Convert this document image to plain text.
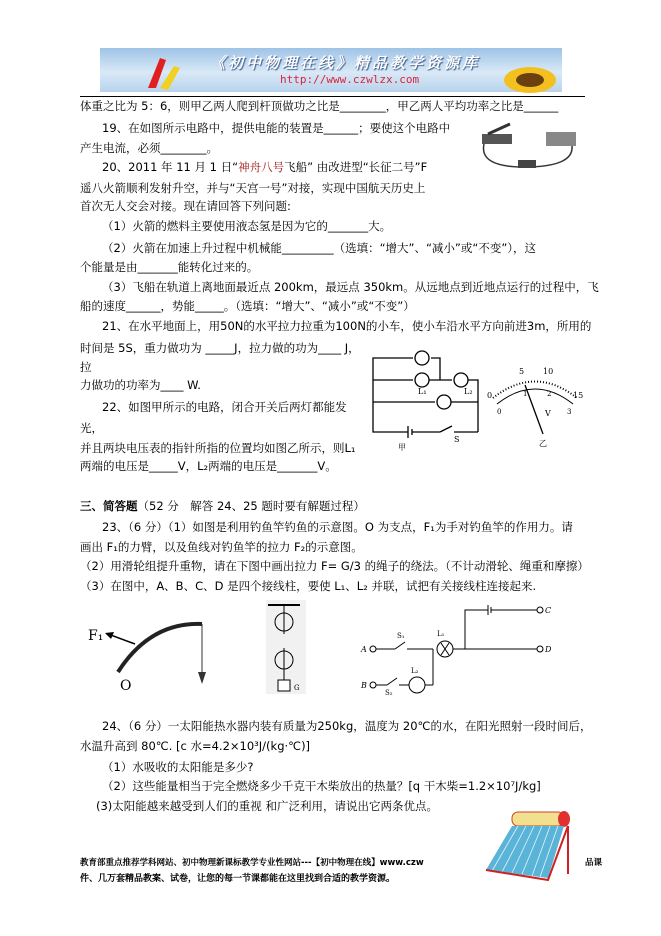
《初中物理在线》精品教学资源库
http://www.czwlzx.com
体重之比为 5：6，则甲乙两人爬到杆顶做功之比是________，甲乙两人平均功率之比是______
19、在如图所示电路中，提供电能的装置是______；要使这个电路中
产生电流，必须________。
20、2011 年 11 月 1 日“神舟八号飞船” 由改进型“长征二号”F
遥八火箭顺利发射升空，并与“天宫一号”对接，实现中国航天历史上
首次无人交会对接。现在请回答下列问题:
（1）火箭的燃料主要使用液态氢是因为它的_______大。
（2）火箭在加速上升过程中机械能_________（选填：“增大”、“减小”或“不变”），这
个能量是由_______能转化过来的。
（3）飞船在轨道上离地面最近点 200km，最远点 350km。从远地点到近地点运行的过程中，飞
船的速度______，势能_____。（选填：“增大”、“减小”或“不变”）
21、在水平地面上，用50N的水平拉力拉重为100N的小车，使小车沿水平方向前进3m，所用的
时间是 5S，重力做功为 _____J，拉力做的功为____ J，
拉
力做功的功率为____ W.
22、如图甲所示的电路，闭合开关后两灯都能发
光，
并且两块电压表的指针所指的位置均如图乙所示，则L₁
两端的电压是_____V，L₂两端的电压是_______V。
L₁	L₂
S
甲
0
5 10
15
0
1	2
3
V
乙
三、简答题（52 分　解答 24、25 题时要有解题过程）
23、（6 分）（1）如图是利用钓鱼竿钓鱼的示意图。O 为支点，F₁为手对钓鱼竿的作用力。请
画出 F₁的力臂，以及鱼线对钓鱼竿的拉力 F₂的示意图。
（2）用滑轮组提升重物，请在下图中画出拉力 F= G/3 的绳子的绕法。（不计动滑轮、绳重和摩擦）
（3）在图中，A、B、C、D 是四个接线柱，要使 L₁、L₂ 并联，试把有关接线柱连接起来.
F₁
O	G
A
B
C
D
S₁
S₂
L₁
L₂
24、（6 分）一太阳能热水器内装有质量为250kg，温度为 20℃的水，在阳光照射一段时间后，
水温升高到 80℃. [c 水=4.2×10³J/(kg·℃)]
（1）水吸收的太阳能是多少?
（2）这些能量相当于完全燃烧多少千克干木柴放出的热量？[q 干木柴=1.2×10⁷J/kg]
(3)太阳能越来越受到人们的重视 和广泛利用，请说出它两条优点。
教育部重点推荐学科网站、初中物理新课标教学专业性网站---【初中物理在线】www.czw	品课
件、几万套精品教案、试卷，让您的每一节课都能在这里找到合适的教学资源。
